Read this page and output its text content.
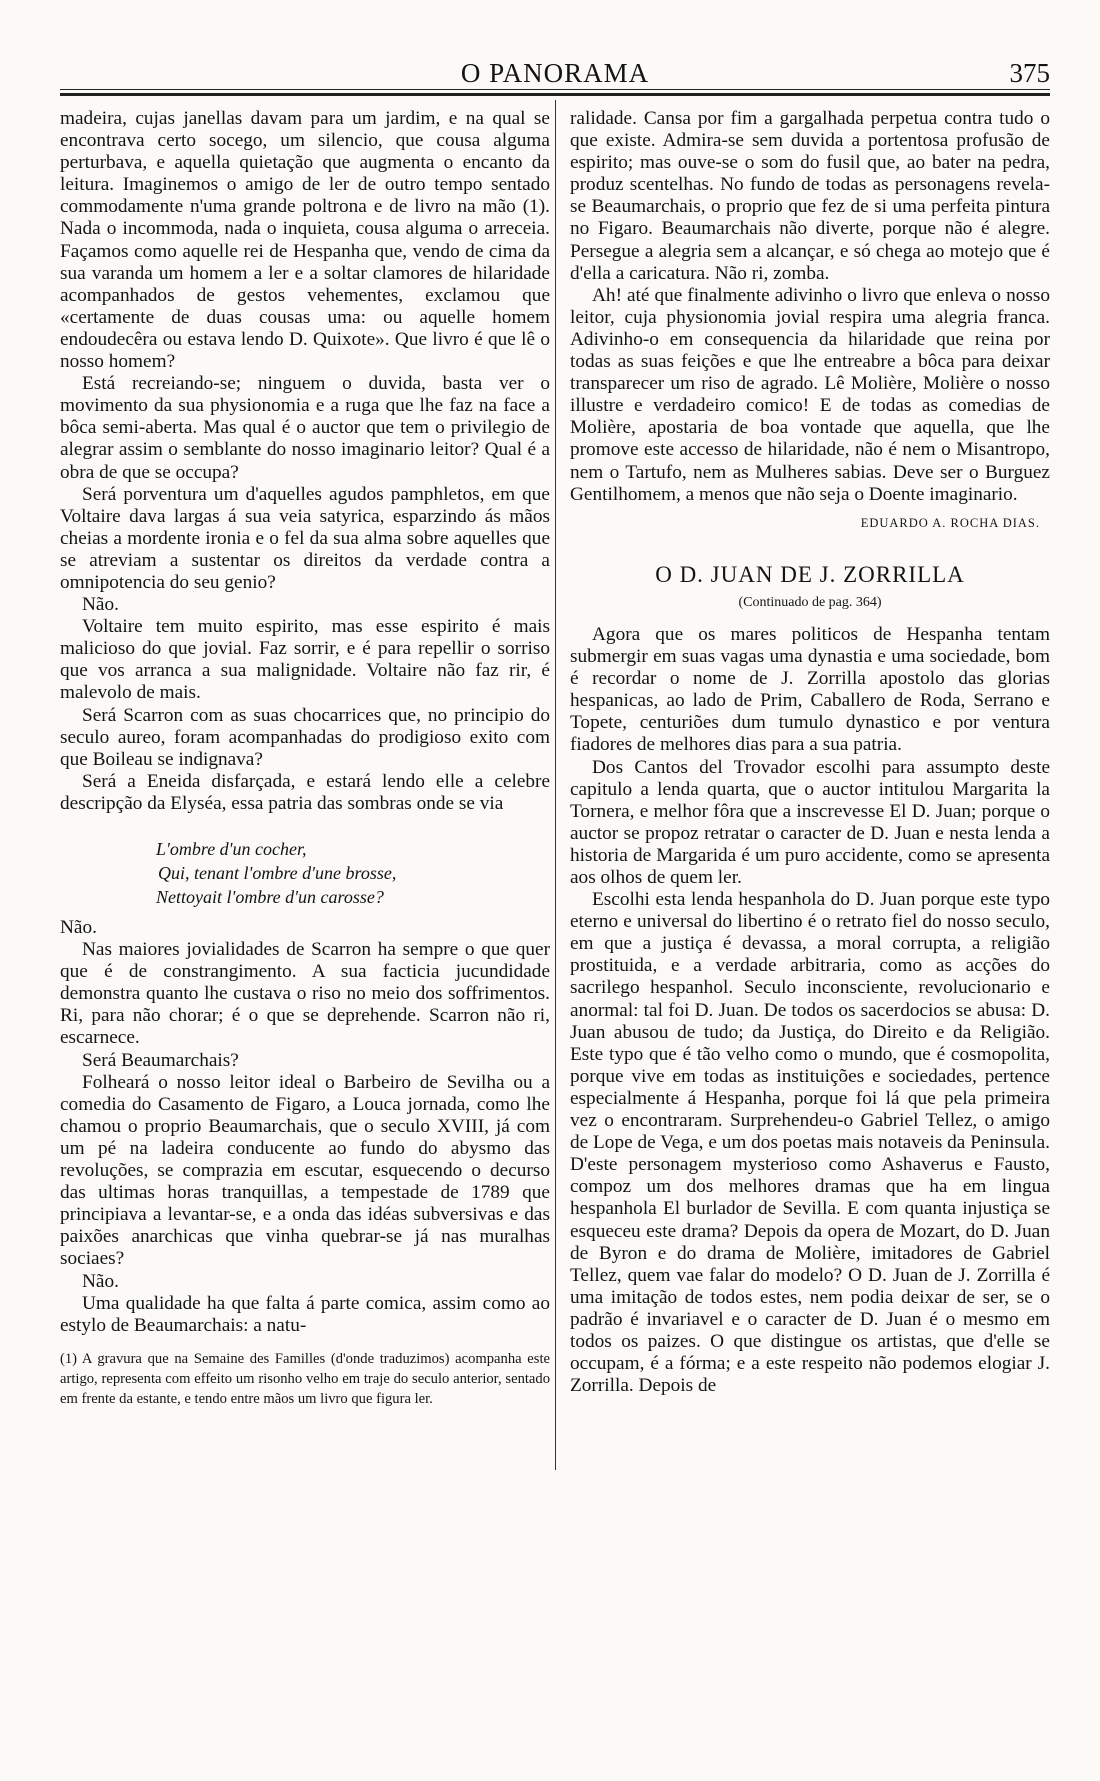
O PANORAMA	375

madeira, cujas janellas davam para um jardim, e na qual se encontrava certo socego, um silencio, que cousa alguma perturbava, e aquella quietação que augmenta o encanto da leitura. Imaginemos o amigo de ler de outro tempo sentado commodamente n'uma grande poltrona e de livro na mão (1). Nada o incommoda, nada o inquieta, cousa alguma o arreceia. Façamos como aquelle rei de Hespanha que, vendo de cima da sua varanda um homem a ler e a soltar clamores de hilaridade acompanhados de gestos vehementes, exclamou que «certamente de duas cousas uma: ou aquelle homem endoudecêra ou estava lendo D. Quixote». Que livro é que lê o nosso homem?

Está recreiando-se; ninguem o duvida, basta ver o movimento da sua physionomia e a ruga que lhe faz na face a bôca semi-aberta. Mas qual é o auctor que tem o privilegio de alegrar assim o semblante do nosso imaginario leitor? Qual é a obra de que se occupa?

Será porventura um d'aquelles agudos pamphletos, em que Voltaire dava largas á sua veia satyrica, esparzindo ás mãos cheias a mordente ironia e o fel da sua alma sobre aquelles que se atreviam a sustentar os direitos da verdade contra a omnipotencia do seu genio?

Não.

Voltaire tem muito espirito, mas esse espirito é mais malicioso do que jovial. Faz sorrir, e é para repellir o sorriso que vos arranca a sua malignidade. Voltaire não faz rir, é malevolo de mais.

Será Scarron com as suas chocarrices que, no principio do seculo aureo, foram acompanhadas do prodigioso exito com que Boileau se indignava?

Será a Eneida disfarçada, e estará lendo elle a celebre descripção da Elyséa, essa patria das sombras onde se via

L'ombre d'un cocher,
Qui, tenant l'ombre d'une brosse,
Nettoyait l'ombre d'un carosse?

Não.

Nas maiores jovialidades de Scarron ha sempre o que quer que é de constrangimento. A sua facticia jucundidade demonstra quanto lhe custava o riso no meio dos soffrimentos. Ri, para não chorar; é o que se deprehende. Scarron não ri, escarnece.

Será Beaumarchais?

Folheará o nosso leitor ideal o Barbeiro de Sevilha ou a comedia do Casamento de Figaro, a Louca jornada, como lhe chamou o proprio Beaumarchais, que o seculo XVIII, já com um pé na ladeira conducente ao fundo do abysmo das revoluções, se comprazia em escutar, esquecendo o decurso das ultimas horas tranquillas, a tempestade de 1789 que principiava a levantar-se, e a onda das idéas subversivas e das paixões anarchicas que vinha quebrar-se já nas muralhas sociaes?

Não.

Uma qualidade ha que falta á parte comica, assim como ao estylo de Beaumarchais: a natu-

(1) A gravura que na Semaine des Familles (d'onde traduzimos) acompanha este artigo, representa com effeito um risonho velho em traje do seculo anterior, sentado em frente da estante, e tendo entre mãos um livro que figura ler.

ralidade. Cansa por fim a gargalhada perpetua contra tudo o que existe. Admira-se sem duvida a portentosa profusão de espirito; mas ouve-se o som do fusil que, ao bater na pedra, produz scentelhas. No fundo de todas as personagens revela-se Beaumarchais, o proprio que fez de si uma perfeita pintura no Figaro. Beaumarchais não diverte, porque não é alegre. Persegue a alegria sem a alcançar, e só chega ao motejo que é d'ella a caricatura. Não ri, zomba.

Ah! até que finalmente adivinho o livro que enleva o nosso leitor, cuja physionomia jovial respira uma alegria franca. Adivinho-o em consequencia da hilaridade que reina por todas as suas feições e que lhe entreabre a bôca para deixar transparecer um riso de agrado. Lê Molière, Molière o nosso illustre e verdadeiro comico! E de todas as comedias de Molière, apostaria de boa vontade que aquella, que lhe promove este accesso de hilaridade, não é nem o Misantropo, nem o Tartufo, nem as Mulheres sabias. Deve ser o Burguez Gentilhomem, a menos que não seja o Doente imaginario.

EDUARDO A. ROCHA DIAS.
O D. JUAN DE J. ZORRILLA
(Continuado de pag. 364)

Agora que os mares politicos de Hespanha tentam submergir em suas vagas uma dynastia e uma sociedade, bom é recordar o nome de J. Zorrilla apostolo das glorias hespanicas, ao lado de Prim, Caballero de Roda, Serrano e Topete, centuriões dum tumulo dynastico e por ventura fiadores de melhores dias para a sua patria.

Dos Cantos del Trovador escolhi para assumpto deste capitulo a lenda quarta, que o auctor intitulou Margarita la Tornera, e melhor fôra que a inscrevesse El D. Juan; porque o auctor se propoz retratar o caracter de D. Juan e nesta lenda a historia de Margarida é um puro accidente, como se apresenta aos olhos de quem ler.

Escolhi esta lenda hespanhola do D. Juan porque este typo eterno e universal do libertino é o retrato fiel do nosso seculo, em que a justiça é devassa, a moral corrupta, a religião prostituida, e a verdade arbitraria, como as acções do sacrilego hespanhol. Seculo inconsciente, revolucionario e anormal: tal foi D. Juan. De todos os sacerdocios se abusa: D. Juan abusou de tudo; da Justiça, do Direito e da Religião. Este typo que é tão velho como o mundo, que é cosmopolita, porque vive em todas as instituições e sociedades, pertence especialmente á Hespanha, porque foi lá que pela primeira vez o encontraram. Surprehendeu-o Gabriel Tellez, o amigo de Lope de Vega, e um dos poetas mais notaveis da Peninsula. D'este personagem mysterioso como Ashaverus e Fausto, compoz um dos melhores dramas que ha em lingua hespanhola El burlador de Sevilla. E com quanta injustiça se esqueceu este drama? Depois da opera de Mozart, do D. Juan de Byron e do drama de Molière, imitadores de Gabriel Tellez, quem vae falar do modelo? O D. Juan de J. Zorrilla é uma imitação de todos estes, nem podia deixar de ser, se o padrão é invariavel e o caracter de D. Juan é o mesmo em todos os paizes. O que distingue os artistas, que d'elle se occupam, é a fórma; e a este respeito não podemos elogiar J. Zorrilla. Depois de
